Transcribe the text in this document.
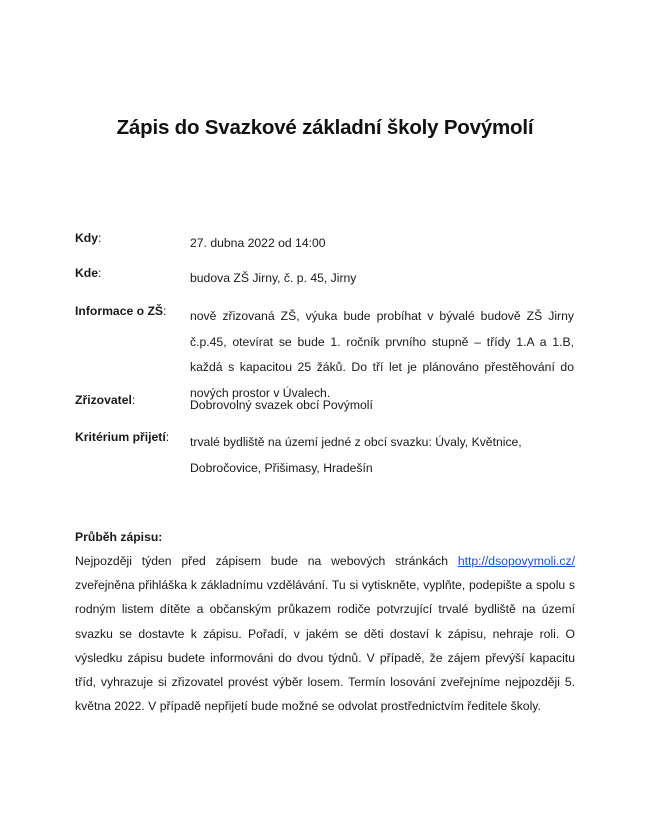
Zápis do Svazkové základní školy Povýmolí
Kdy:	27. dubna 2022 od 14:00
Kde:	budova ZŠ Jirny, č. p. 45, Jirny
Informace o ZŠ:	nově zřizovaná ZŠ, výuka bude probíhat v bývalé budově ZŠ Jirny č.p.45, otevírat se bude 1. ročník prvního stupně – třídy 1.A a 1.B, každá s kapacitou 25 žáků. Do tří let je plánováno přestěhování do nových prostor v Úvalech.
Zřizovatel:	Dobrovolný svazek obcí Povýmolí
Kritérium přijetí:	trvalé bydliště na území jedné z obcí svazku: Úvaly, Květnice, Dobročovice, Přišimasy, Hradešín
Průběh zápisu:
Nejpozději týden před zápisem bude na webových stránkách http://dsopovymoli.cz/ zveřejněna přihláška k základnímu vzdělávání. Tu si vytiskněte, vyplňte, podepište a spolu s rodným listem dítěte a občanským průkazem rodiče potvrzující trvalé bydliště na území svazku se dostavte k zápisu. Pořadí, v jakém se děti dostaví k zápisu, nehraje roli. O výsledku zápisu budete informováni do dvou týdnů. V případě, že zájem převýší kapacitu tříd, vyhrazuje si zřizovatel provést výběr losem. Termín losování zveřejníme nejpozději 5. května 2022. V případě nepřijetí bude možné se odvolat prostřednictvím ředitele školy.
